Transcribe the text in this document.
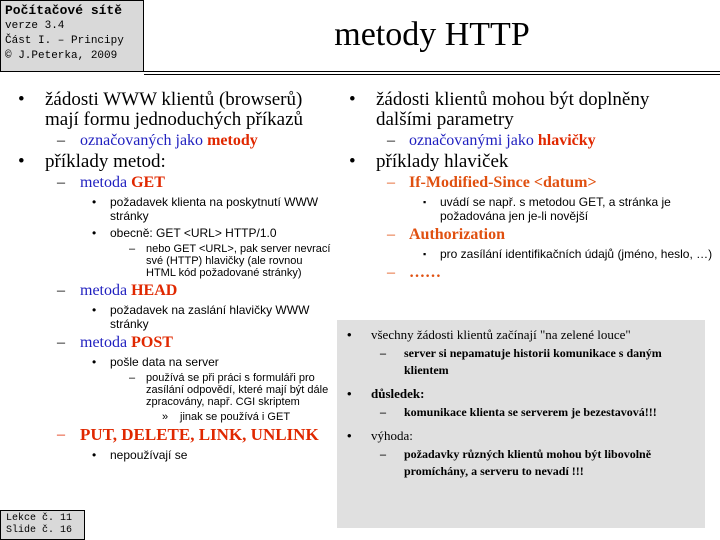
Počítačové sítě
verze 3.4
Část I. – Principy
© J.Peterka, 2009
metody HTTP
• žádosti WWW klientů (browserů)
mají formu jednoduchých příkazů
– označovaných jako metody
• příklady metod:
– metoda GET
• požadavek klienta na poskytnutí WWW stránky
• obecně: GET <URL> HTTP/1.0
– nebo GET <URL>, pak server nevrací své (HTTP) hlavičky (ale rovnou HTML kód požadované stránky)
– metoda HEAD
• požadavek na zaslání hlavičky WWW stránky
– metoda POST
• pošle data na server
– používá se při práci s formuláři pro zasílání odpovědí, které mají být dále zpracovány, např. CGI skriptem
» jinak se používá i GET
– PUT, DELETE, LINK, UNLINK
• nepoužívají se
• žádosti klientů mohou být doplněny
dalšími parametry
– označovanými jako hlavičky
• příklady hlaviček
– If-Modified-Since <datum>
▪ uvádí se např. s metodou GET, a stránka je požadována jen je-li novější
– Authorization
▪ pro zasílání identifikačních údajů (jméno, heslo, …)
– ……
• všechny žádosti klientů začínají "na zelené louce"
– server si nepamatuje historii komunikace s daným klientem
• důsledek:
– komunikace klienta se serverem je bezestavová!!!
• výhoda:
– požadavky různých klientů mohou být libovolně promíchány, a serveru to nevadí !!!
Lekce č. 11
Slide č. 16
